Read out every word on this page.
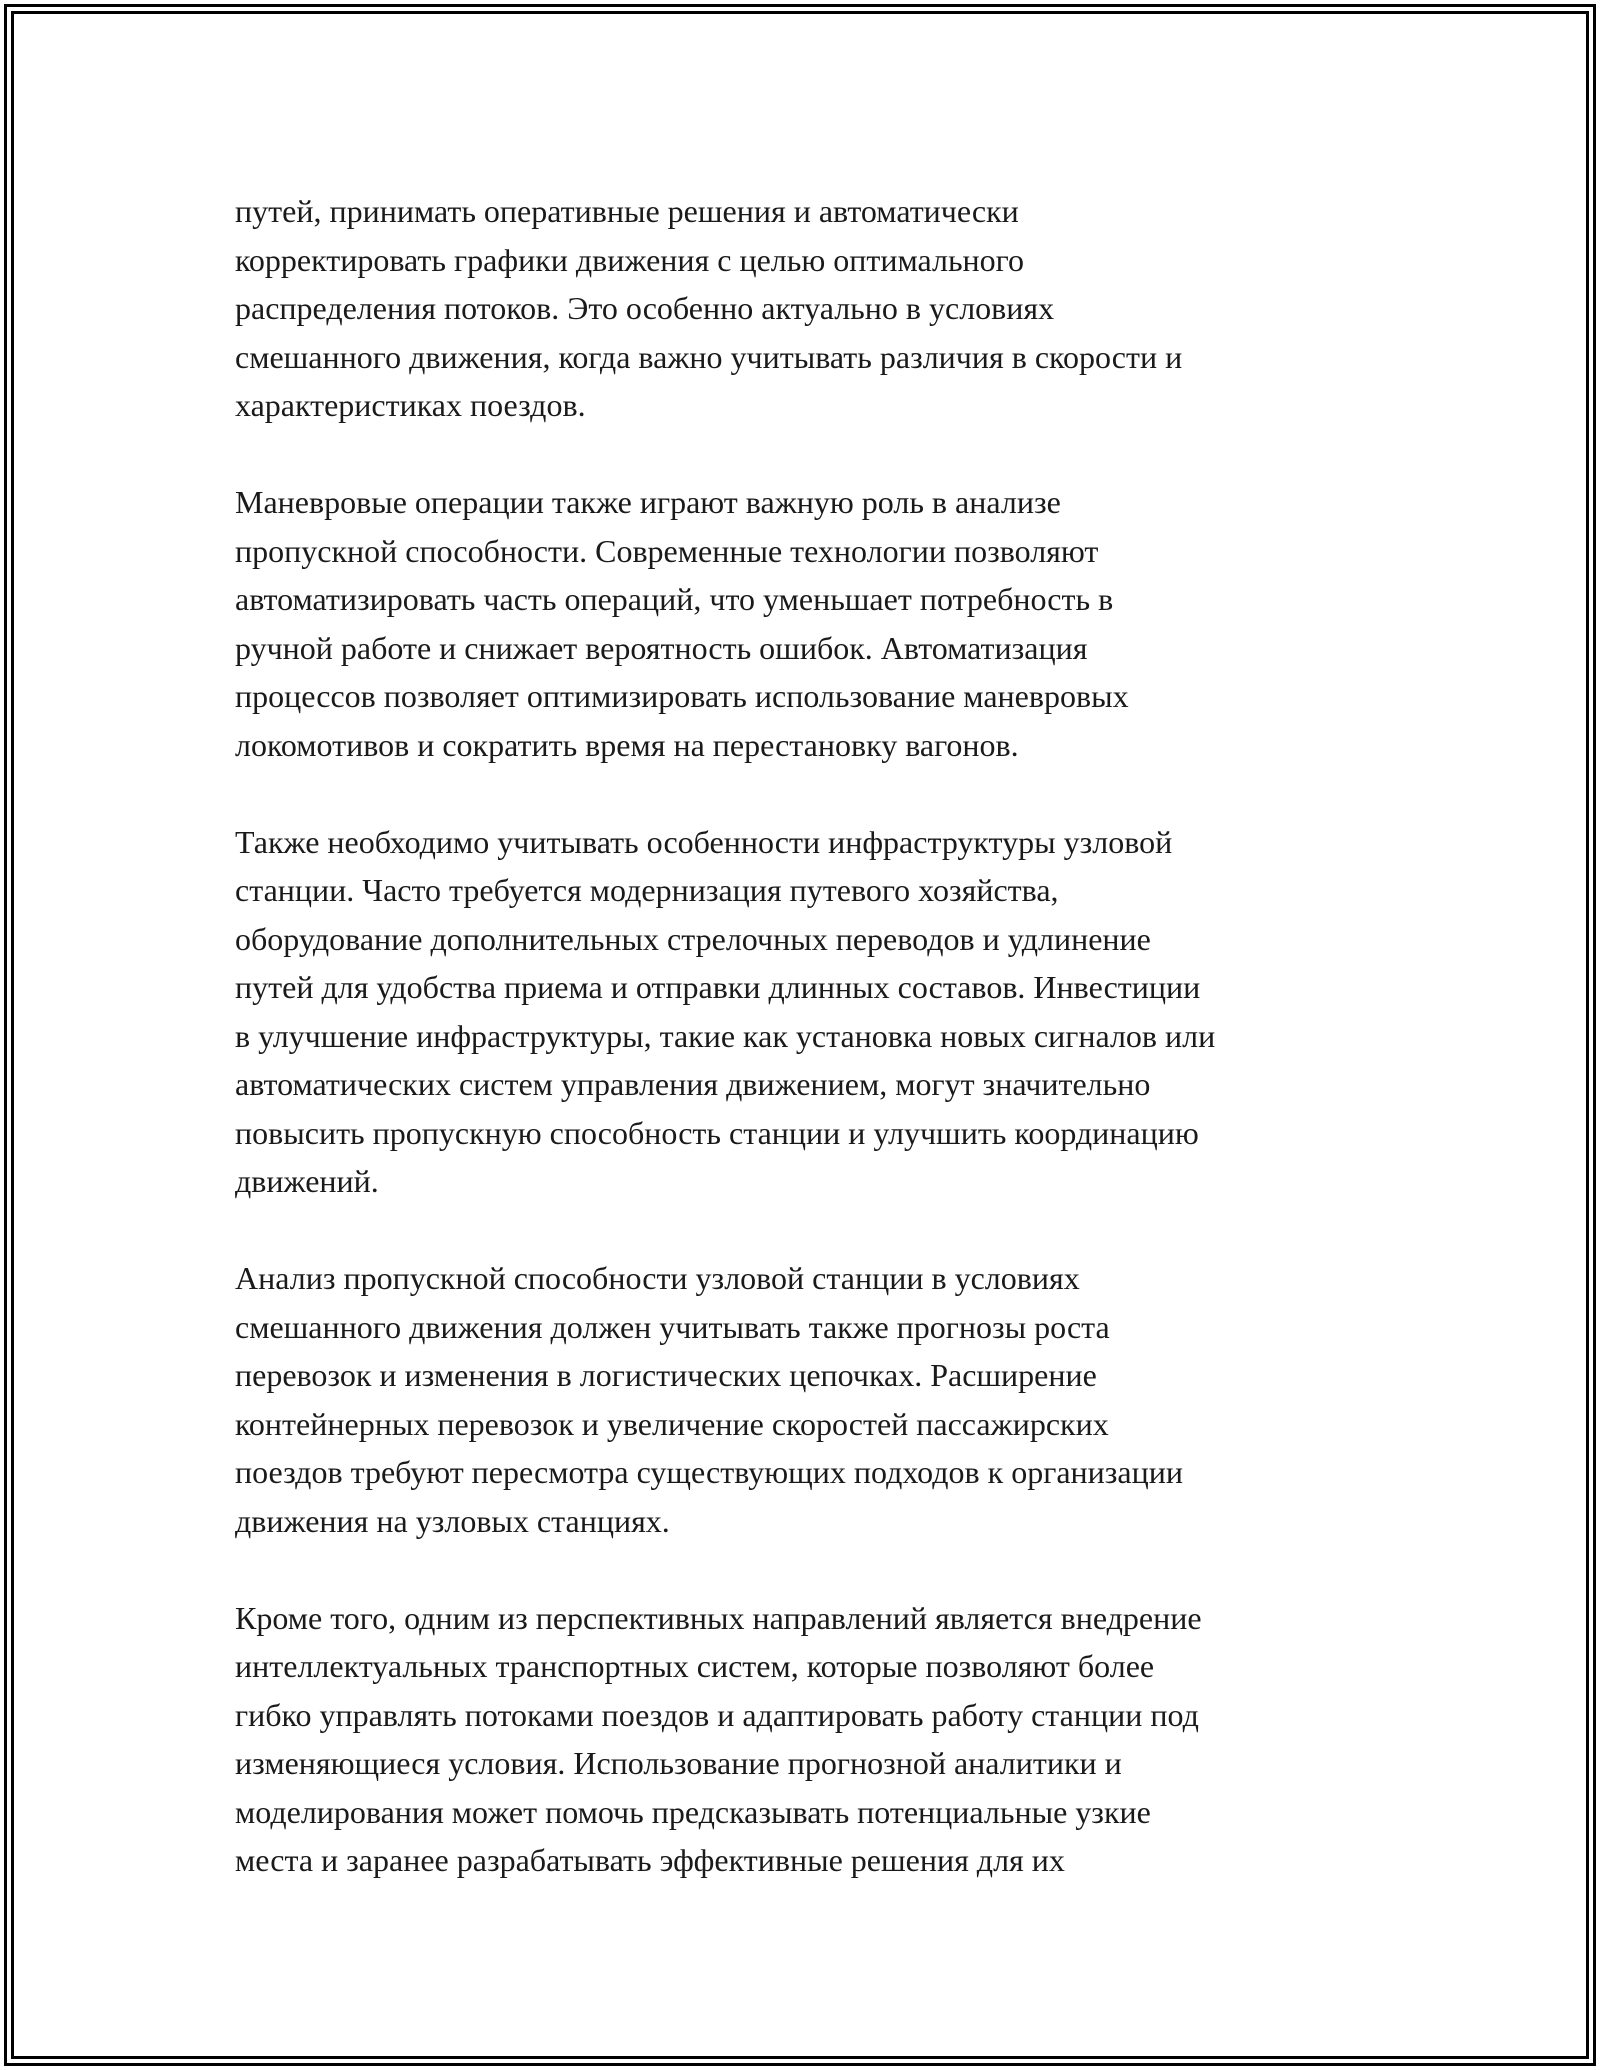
путей, принимать оперативные решения и автоматически
корректировать графики движения с целью оптимального
распределения потоков. Это особенно актуально в условиях
смешанного движения, когда важно учитывать различия в скорости и
характеристиках поездов.

Маневровые операции также играют важную роль в анализе
пропускной способности. Современные технологии позволяют
автоматизировать часть операций, что уменьшает потребность в
ручной работе и снижает вероятность ошибок. Автоматизация
процессов позволяет оптимизировать использование маневровых
локомотивов и сократить время на перестановку вагонов.

Также необходимо учитывать особенности инфраструктуры узловой
станции. Часто требуется модернизация путевого хозяйства,
оборудование дополнительных стрелочных переводов и удлинение
путей для удобства приема и отправки длинных составов. Инвестиции
в улучшение инфраструктуры, такие как установка новых сигналов или
автоматических систем управления движением, могут значительно
повысить пропускную способность станции и улучшить координацию
движений.

Анализ пропускной способности узловой станции в условиях
смешанного движения должен учитывать также прогнозы роста
перевозок и изменения в логистических цепочках. Расширение
контейнерных перевозок и увеличение скоростей пассажирских
поездов требуют пересмотра существующих подходов к организации
движения на узловых станциях.

Кроме того, одним из перспективных направлений является внедрение
интеллектуальных транспортных систем, которые позволяют более
гибко управлять потоками поездов и адаптировать работу станции под
изменяющиеся условия. Использование прогнозной аналитики и
моделирования может помочь предсказывать потенциальные узкие
места и заранее разрабатывать эффективные решения для их
